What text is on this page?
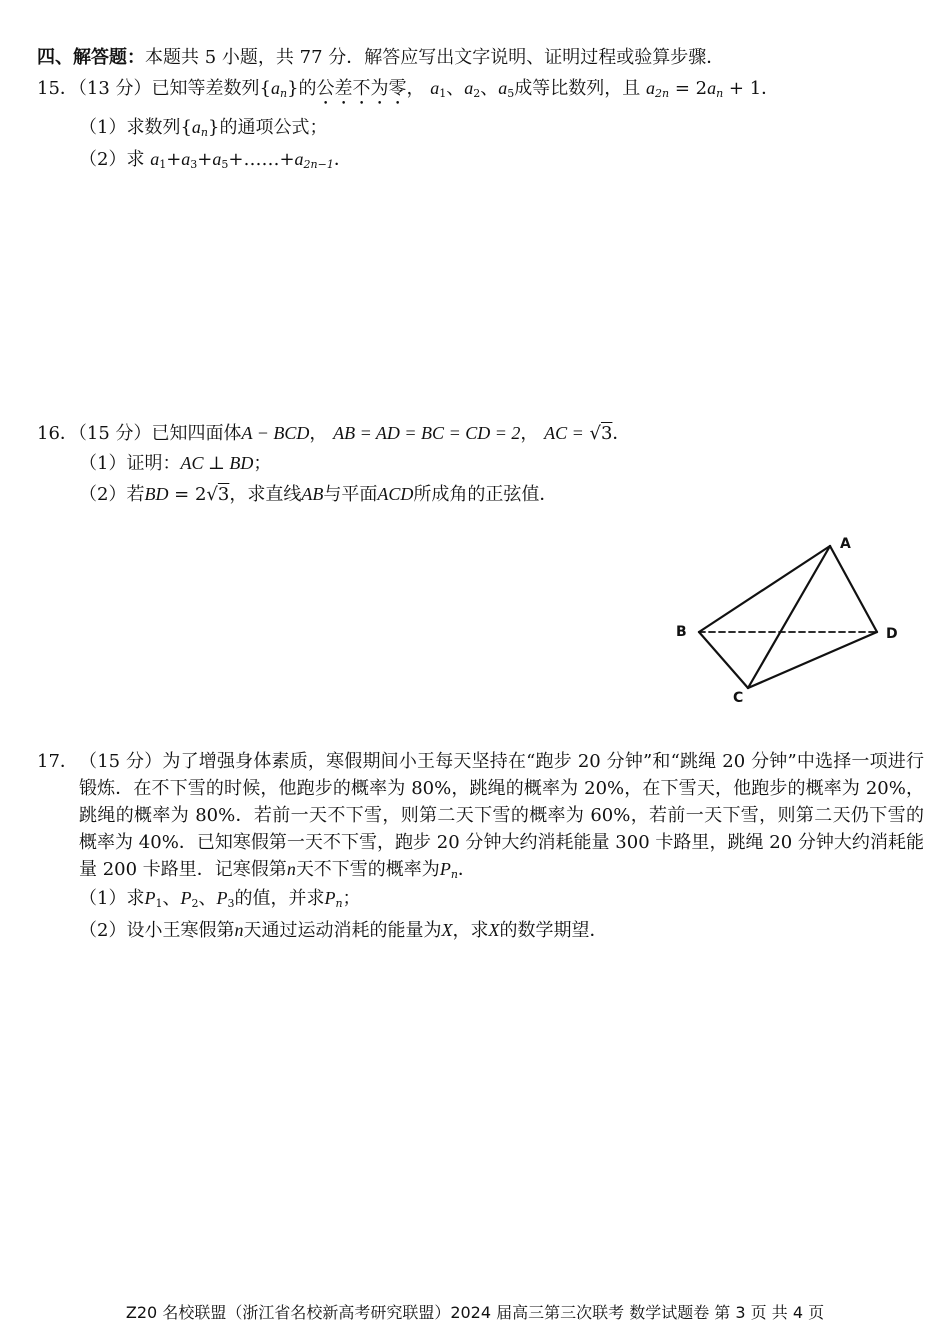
四、解答题：本题共 5 小题，共 77 分．解答应写出文字说明、证明过程或验算步骤．
15．（13 分）已知等差数列$\{a_n\}$的公差不为零， a1、a2、a5成等比数列，且 $a_{2n} = 2a_n + 1$．
（1）求数列$\{a_n\}$的通项公式；
（2）求 $a1+a3+a5+\dots\dots+a_{2n-1}$．
16．（15 分）已知四面体A − BCD， AB = AD = BC = CD = 2， AC = √3．
（1）证明：AC ⊥ BD；
（2）若BD = 2√3，求直线AB与平面ACD所成角的正弦值．
A
B
C
D
17． （15 分）为了增强身体素质，寒假期间小王每天坚持在“跑步 20 分钟”和“跳绳 20 分钟”中选择一项进行锻炼．在不下雪的时候，他跑步的概率为 80%，跳绳的概率为 20%，在下雪天，他跑步的概率为 20%，跳绳的概率为 80%．若前一天不下雪，则第二天下雪的概率为 60%，若前一天下雪，则第二天仍下雪的概率为 40%．已知寒假第一天不下雪，跑步 20 分钟大约消耗能量 300 卡路里，跳绳 20 分钟大约消耗能量 200 卡路里．记寒假第n天不下雪的概率为$P_n$．
（1）求P1、P2、P3的值，并求$P_n$；
（2）设小王寒假第n天通过运动消耗的能量为X，求X的数学期望．
Z20 名校联盟（浙江省名校新高考研究联盟）2024 届高三第三次联考 数学试题卷 第 3 页 共 4 页
